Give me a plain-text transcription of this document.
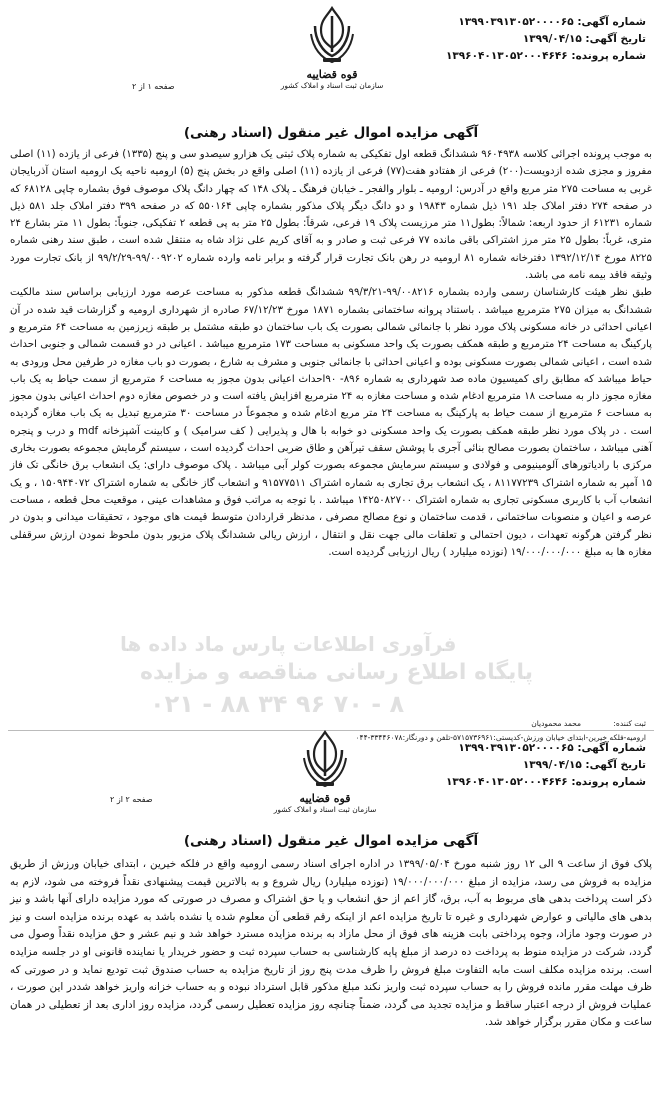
شماره آگهی: ۱۳۹۹۰۳۹۱۳۰۵۲۰۰۰۰۶۵
تاریخ آگهی: ۱۳۹۹/۰۴/۱۵
شماره پرونده: ۱۳۹۶۰۴۰۱۳۰۵۲۰۰۰۴۶۴۶
قوه قضاییه
سازمان ثبت اسناد و املاک کشور
صفحه ۱ از ۲
آگهی مزایده اموال غیر منقول (اسناد رهنی)

به موجب پرونده اجرائی کلاسه ۹۶۰۴۹۳۸ ششدانگ قطعه اول تفکیکی به شماره پلاک ثبتی یک هزارو سیصدو سی و پنج (۱۳۳۵) فرعی از یازده (۱۱) اصلی مفروز و مجزی شده ازدویست(۲۰۰) فرعی از هفتادو هفت(۷۷) فرعی از یازده (۱۱) اصلی واقع در بخش پنج (۵) ارومیه ناحیه یک ارومیه استان آذربایجان غربی به مساحت ۲۷۵ متر مربع واقع در آدرس: ارومیه ـ بلوار والفجر ـ خیابان فرهنگ ـ پلاک ۱۴۸ که چهار دانگ پلاک موصوف فوق بشماره چاپی ۶۸۱۲۸ که در صفحه ۲۷۴ دفتر املاک جلد ۱۹۱ ذیل شماره ۱۹۸۴۳ و دو دانگ دیگر پلاک مذکور بشماره چاپی ۵۵۰۱۶۴ که در صفحه ۳۹۹ دفتر املاک جلد ۵۸۱ ذیل شماره ۶۱۲۳۱ از حدود اربعه: شمالاً: بطول۱۱ متر مرزیست پلاک ۱۹ فرعی، شرقاً: بطول ۲۵ متر به پی قطعه ۲ تفکیکی، جنوباً: بطول ۱۱ متر بشارع ۲۴ متری، غرباً: بطول ۲۵ متر مرز اشتراکی باقی مانده ۷۷ فرعی ثبت و صادر و به آقای کریم علی نژاد شاه به منتقل شده است ، طبق سند رهنی شماره ۸۲۲۵ مورخ ۱۳۹۲/۱۲/۱۴ دفترخانه شماره ۸۱ ارومیه در رهن بانک تجارت قرار گرفته و برابر نامه وارده شماره ۹۹/۰۰۹۲۰۲-۹۹/۲/۲۹ از بانک تجارت مورد وثیقه فاقد بیمه نامه می باشد.

طبق نظر هیئت کارشناسان رسمی وارده بشماره ۹۹/۰۰۸۲۱۶-۹۹/۳/۲۱ ششدانگ قطعه مذکور به مساحت عرصه مورد ارزیابی براساس سند مالکیت ششدانگ به میزان ۲۷۵ مترمربع میباشد . باستناد پروانه ساختمانی بشماره ۱۸۷۱ مورخ ۶۷/۱۲/۲۳ صادره از شهرداری ارومیه و گزارشات قید شده در آن اعیانی احداثی در خانه مسکونی پلاک مورد نظر با جانمائی شمالی بصورت یک باب ساختمان دو طبقه مشتمل بر طبقه زیرزمین به مساحت ۶۴ مترمربع و پارکینگ به مساحت ۲۴ مترمربع و طبقه همکف بصورت یک واحد مسکونی به مساحت ۱۷۳ مترمربع میباشد . اعیانی در دو قسمت شمالی و جنوبی احداث شده است ، اعیانی شمالی بصورت مسکونی بوده و اعیانی احداثی با جانمائی جنوبی و مشرف به شارع ، بصورت دو باب مغازه در طرفین محل ورودی به حیاط میباشد که مطابق رای کمیسیون ماده صد شهرداری به شماره ۸۹۶- ۹۰احداث اعیانی بدون مجوز به مساحت ۶ مترمربع از سمت حیاط به یک باب مغازه مجوز دار به مساحت ۱۸ مترمربع ادغام شده و مساحت مغازه به ۲۴ مترمربع افزایش یافته است و در خصوص مغازه دوم احداث اعیانی بدون مجوز به مساحت ۶ مترمربع از سمت حیاط به پارکینگ به مساحت ۲۴ متر مربع ادغام شده و مجموعاً در مساحت ۳۰ مترمربع تبدیل به یک باب مغازه گردیده است . در پلاک مورد نظر طبقه همکف بصورت یک واحد مسکونی دو خوابه با هال و پذیرایی ( کف سرامیک ) و کابینت آشپزخانه mdf و درب و پنجره آهنی میباشد ، ساختمان بصورت مصالح بنائی آجری با پوشش سقف تیرآهن و طاق ضربی احداث گردیده است ، سیستم گرمایش مجموعه بصورت بخاری مرکزی با رادیاتورهای آلومینیومی و فولادی و سیستم سرمایش مجموعه بصورت کولر آبی میباشد . پلاک موصوف دارای: یک انشعاب برق خانگی تک فاز ۱۵ آمپر به شماره اشتراک ۸۱۱۷۷۲۳۹ ، یک انشعاب برق تجاری به شماره اشتراک ۹۱۵۷۷۵۱۱ و انشعاب گاز خانگی به شماره اشتراک ۱۵۰۹۴۴۰۷۲ ، و یک انشعاب آب با کاربری مسکونی تجاری به شماره اشتراک ۱۴۲۵۰۸۲۷۰۰ میباشد . با توجه به مراتب فوق و مشاهدات عینی ، موقعیت محل قطعه ، مساحت عرصه و اعیان و منصوبات ساختمانی ، قدمت ساختمان و نوع مصالح مصرفی ، مدنظر قراردادن متوسط قیمت های موجود ، تحقیقات میدانی و بدون در نظر گرفتن هرگونه تعهدات ، دیون احتمالی و تعلقات مالی جهت نقل و انتقال ، ارزش ریالی ششدانگ پلاک مزبور بدون ملحوظ نمودن ارزش سرقفلی مغازه ها به مبلغ ۱۹/۰۰۰/۰۰۰/۰۰۰ (نوزده میلیارد ) ریال ارزیابی گردیده است.

فرآوری اطلاعات پارس ماد داده ها
پایگاه اطلاع رسانی مناقصه و مزایده
۰۲۱ - ۸۸ ۳۴ ۹۶ ۷۰ - ۸
ثبت کننده: محمد محمودیان
ارومیه-فلکه خیرین-ابتدای خیابان ورزش-کدپستی:۵۷۱۵۷۳۶۹۶۱-تلفن و دورنگار:۳۳۴۴۶۰۷۸-۰۴۴
شماره آگهی: ۱۳۹۹۰۳۹۱۳۰۵۲۰۰۰۰۶۵
تاریخ آگهی: ۱۳۹۹/۰۴/۱۵
شماره پرونده: ۱۳۹۶۰۴۰۱۳۰۵۲۰۰۰۴۶۴۶
قوه قضاییه
سازمان ثبت اسناد و املاک کشور
صفحه ۲ از ۲
آگهی مزایده اموال غیر منقول (اسناد رهنی)

پلاک فوق از ساعت ۹ الی ۱۲ روز شنبه مورخ ۱۳۹۹/۰۵/۰۴ در اداره اجرای اسناد رسمی ارومیه واقع در فلکه خیرین ، ابتدای خیابان ورزش از طریق مزایده به فروش می رسد، مزایده از مبلغ ۱۹/۰۰۰/۰۰۰/۰۰۰ (نوزده میلیارد) ریال شروع و به بالاترین قیمت پیشنهادی نقداً فروخته می شود، لازم به ذکر است پرداخت بدهی های مربوط به آب، برق، گاز اعم از حق انشعاب و یا حق اشتراک و مصرف در صورتی که مورد مزایده دارای آنها باشد و نیز بدهی های مالیاتی و عوارض شهرداری و غیره تا تاریخ مزایده اعم از اینکه رقم قطعی آن معلوم شده یا نشده باشد به عهده برنده مزایده است و نیز در صورت وجود مازاد، وجوه پرداختی بابت هزینه های فوق از محل مازاد به برنده مزایده مسترد خواهد شد و نیم عشر و حق مزایده نقداً وصول می گردد، شرکت در مزایده منوط به پرداخت ده درصد از مبلغ پایه کارشناسی به حساب سپرده ثبت و حضور خریدار یا نماینده قانونی او در جلسه مزایده است. برنده مزایده مکلف است مابه التفاوت مبلغ فروش را ظرف مدت پنج روز از تاریخ مزایده به حساب صندوق ثبت تودیع نماید و در صورتی که ظرف مهلت مقرر مانده فروش را به حساب سپرده ثبت واریز نکند مبلغ مذکور قابل استرداد نبوده و به حساب خزانه واریز خواهد شددر این صورت ، عملیات فروش از درجه اعتبار ساقط و مزایده تجدید می گردد، ضمناً چنانچه روز مزایده تعطیل رسمی گردد، مزایده روز اداری بعد از تعطیلی در همان ساعت و مکان مقرر برگزار خواهد شد.
